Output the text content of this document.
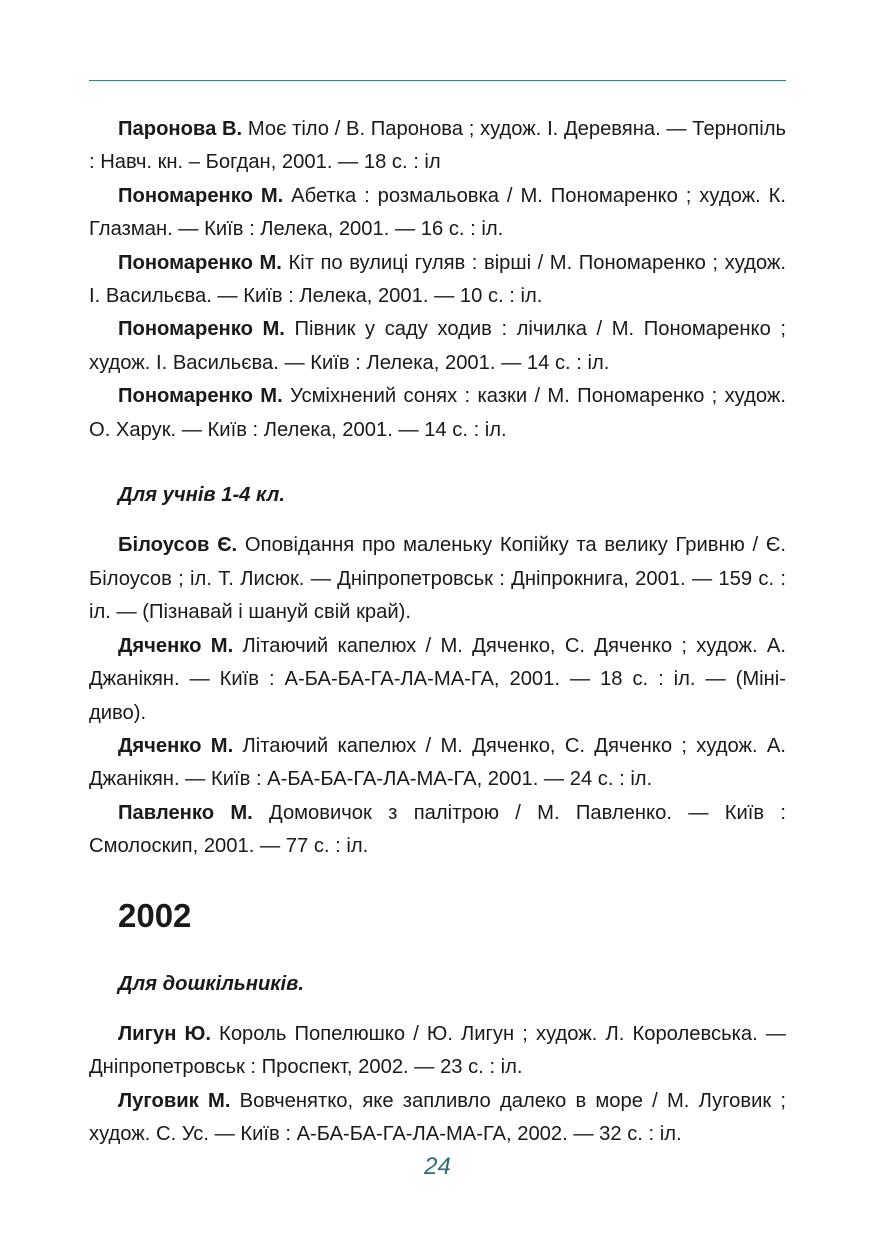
Паронова В. Моє тіло / В. Паронова ; худож. І. Деревяна. — Тернопіль : Навч. кн. – Богдан, 2001. — 18 с. : іл

Пономаренко М. Абетка : розмальовка / М. Пономаренко ; худож. К. Глазман. — Київ : Лелека, 2001. — 16 с. : іл.

Пономаренко М. Кіт по вулиці гуляв : вірші / М. Пономаренко ; худож. І. Васильєва. — Київ : Лелека, 2001. — 10 с. : іл.

Пономаренко М. Півник у саду ходив : лічилка / М. Пономаренко ; худож. І. Васильєва. — Київ : Лелека, 2001. — 14 с. : іл.

Пономаренко М. Усміхнений сонях : казки / М. Пономаренко ; худож. О. Харук. — Київ : Лелека, 2001. — 14 с. : іл.

Для учнів 1-4 кл.

Білоусов Є. Оповідання про маленьку Копійку та велику Гривню / Є. Білоусов ; іл. Т. Лисюк. — Дніпропетровськ : Дніпрокнига, 2001. — 159 с. : іл. — (Пізнавай і шануй свій край).

Дяченко М. Літаючий капелюх / М. Дяченко, С. Дяченко ; худож. А. Джанікян. — Київ : А-БА-БА-ГА-ЛА-МА-ГА, 2001. — 18 с. : іл. — (Міні-диво).

Дяченко М. Літаючий капелюх / М. Дяченко, С. Дяченко ; худож. А. Джанікян. — Київ : А-БА-БА-ГА-ЛА-МА-ГА, 2001. — 24 с. : іл.

Павленко М. Домовичок з палітрою / М. Павленко. — Київ : Смолоскип, 2001. — 77 с. : іл.

2002

Для дошкільників.

Лигун Ю. Король Попелюшко / Ю. Лигун ; худож. Л. Королевська. — Дніпропетровськ : Проспект, 2002. — 23 с. : іл.

Луговик М. Вовченятко, яке запливло далеко в море / М. Луговик ; худож. С. Ус. — Київ : А-БА-БА-ГА-ЛА-МА-ГА, 2002. — 32 с. : іл.

24
